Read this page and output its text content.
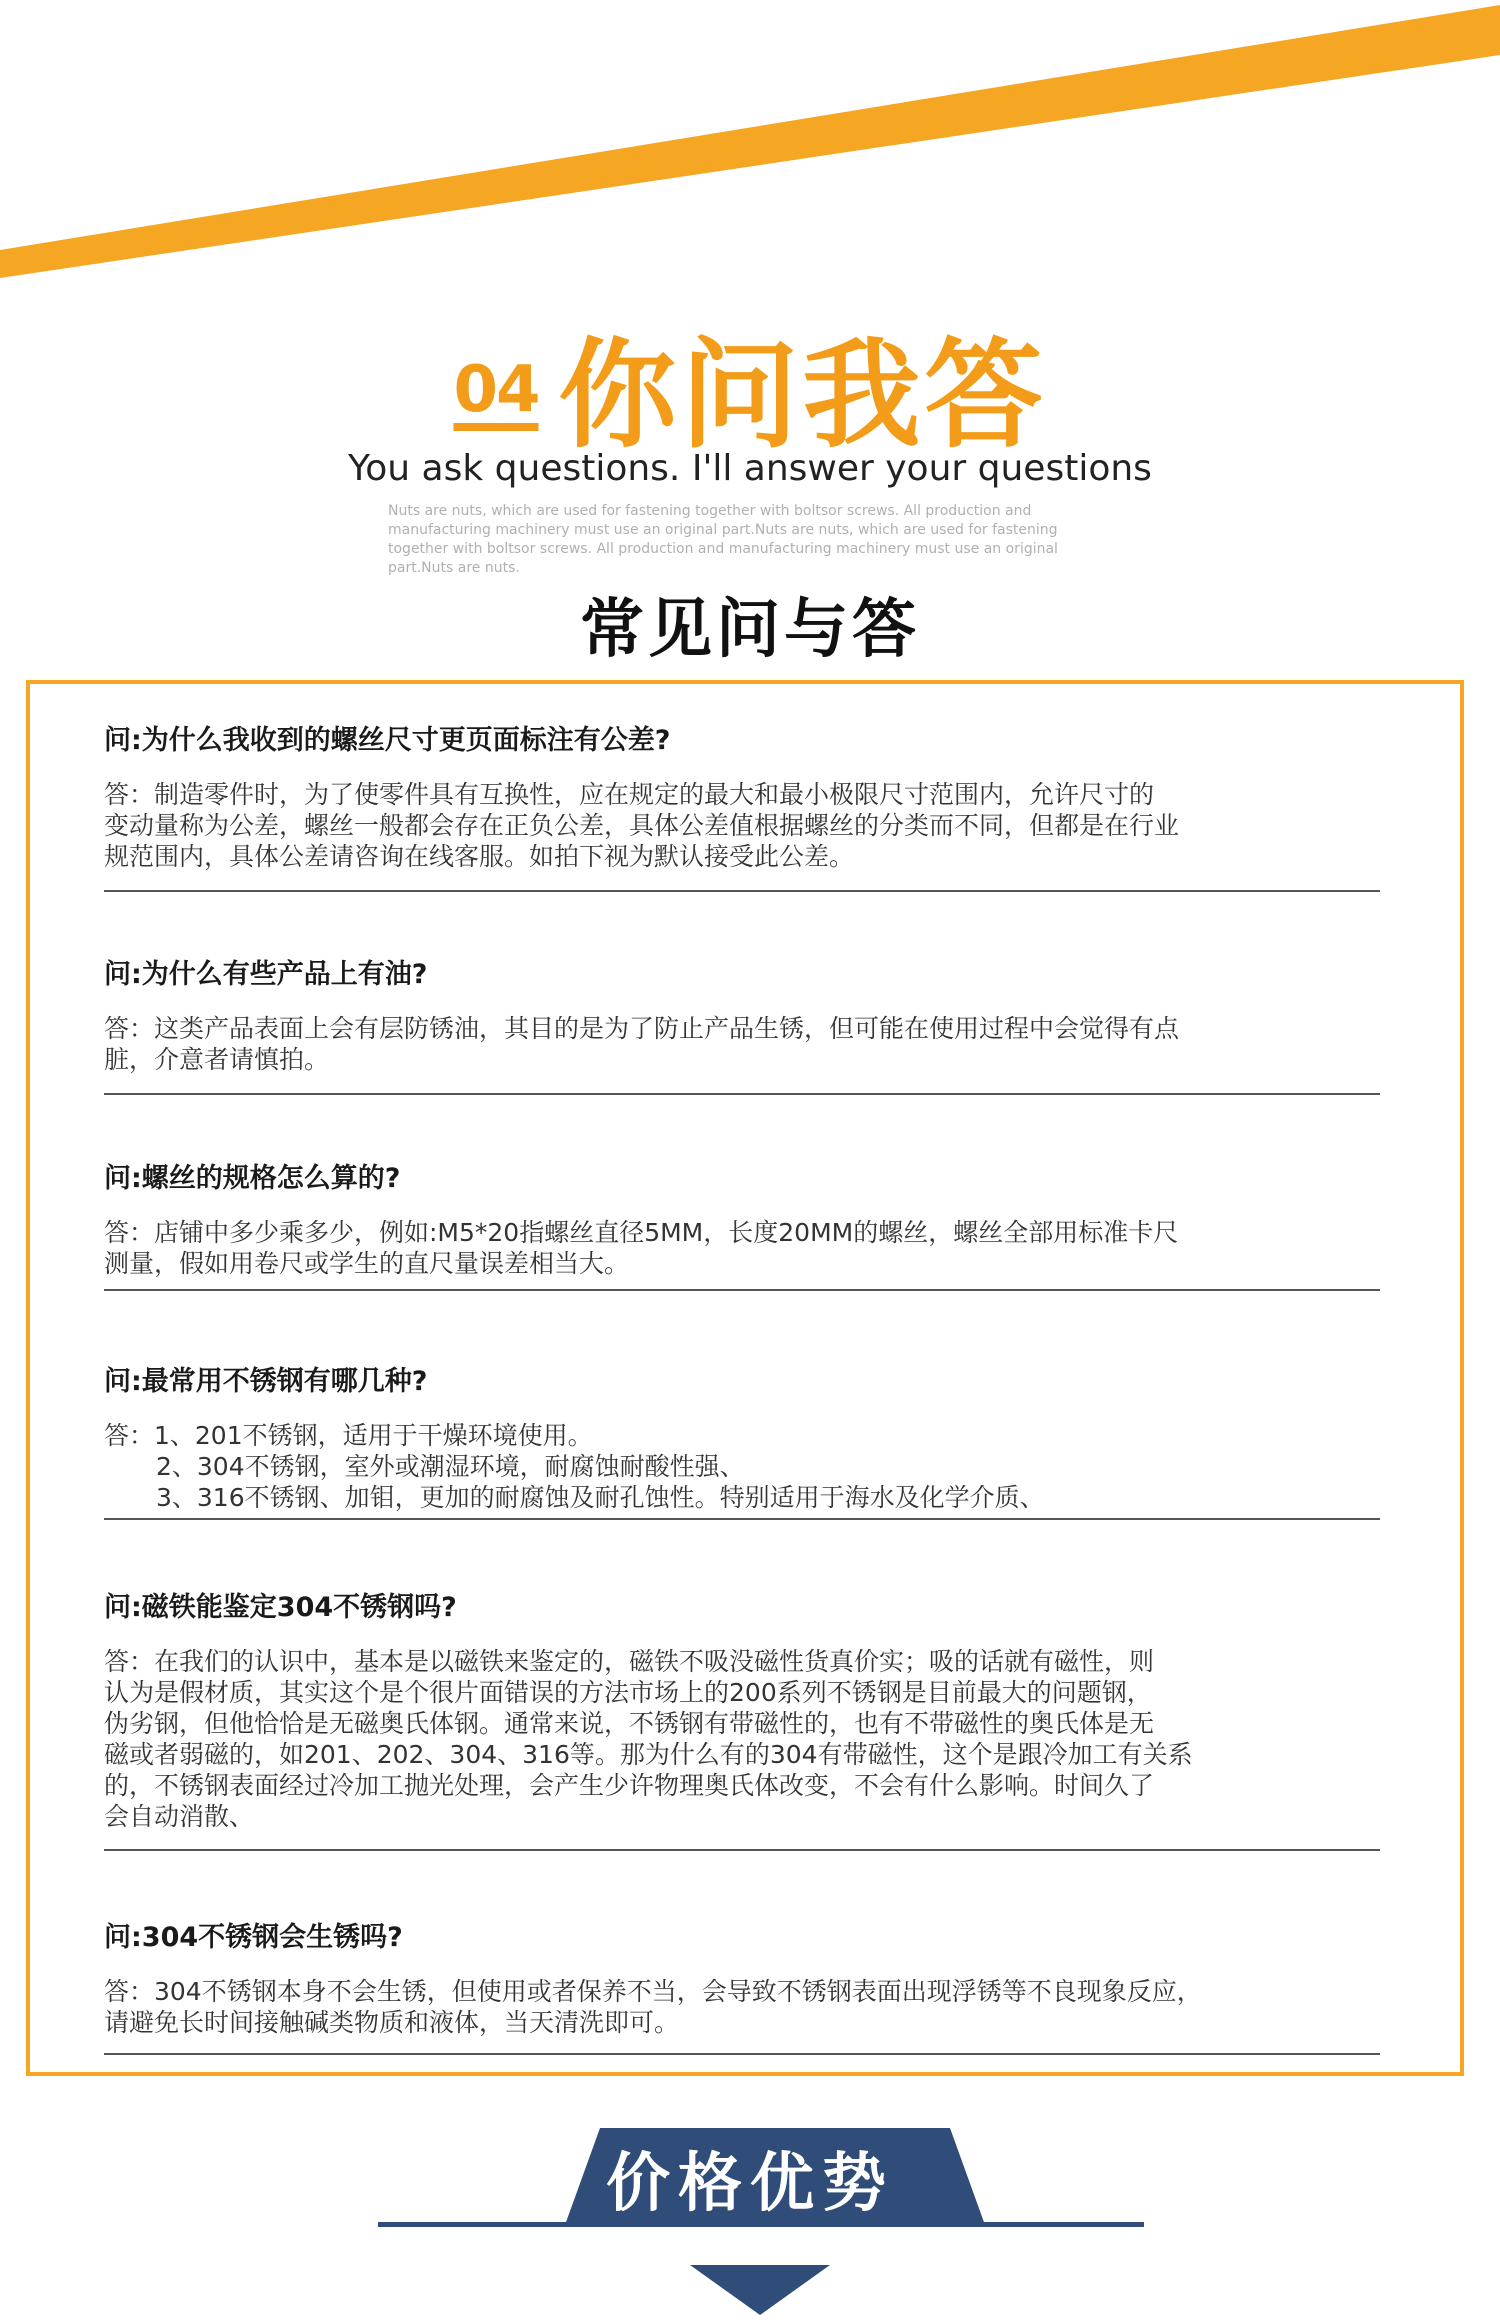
04 你问我答
You ask questions. I'll answer your questions
Nuts are nuts, which are used for fastening together with boltsor screws. All production and manufacturing machinery must use an original part.Nuts are nuts, which are used for fastening together with boltsor screws. All production and manufacturing machinery must use an original part.Nuts are nuts.
常见问与答

问:为什么我收到的螺丝尺寸更页面标注有公差?

答：制造零件时，为了使零件具有互换性，应在规定的最大和最小极限尺寸范围内，允许尺寸的
变动量称为公差，螺丝一般都会存在正负公差，具体公差值根据螺丝的分类而不同，但都是在行业
规范围内，具体公差请咨询在线客服。如拍下视为默认接受此公差。

问:为什么有些产品上有油?

答：这类产品表面上会有层防锈油，其目的是为了防止产品生锈，但可能在使用过程中会觉得有点
脏，介意者请慎拍。

问:螺丝的规格怎么算的?

答：店铺中多少乘多少，例如:M5*20指螺丝直径5MM，长度20MM的螺丝，螺丝全部用标准卡尺
测量，假如用卷尺或学生的直尺量误差相当大。

问:最常用不锈钢有哪几种?

答：1、201不锈钢，适用于干燥环境使用。
2、304不锈钢，室外或潮湿环境，耐腐蚀耐酸性强、
3、316不锈钢、加钼，更加的耐腐蚀及耐孔蚀性。特别适用于海水及化学介质、

问:磁铁能鉴定304不锈钢吗?

答：在我们的认识中，基本是以磁铁来鉴定的，磁铁不吸没磁性货真价实；吸的话就有磁性，则
认为是假材质，其实这个是个很片面错误的方法市场上的200系列不锈钢是目前最大的问题钢，
伪劣钢，但他恰恰是无磁奥氏体钢。通常来说，不锈钢有带磁性的，也有不带磁性的奥氏体是无
磁或者弱磁的，如201、202、304、316等。那为什么有的304有带磁性，这个是跟冷加工有关系
的，不锈钢表面经过冷加工抛光处理，会产生少许物理奥氏体改变，不会有什么影响。时间久了
会自动消散、

问:304不锈钢会生锈吗?

答：304不锈钢本身不会生锈，但使用或者保养不当，会导致不锈钢表面出现浮锈等不良现象反应，
请避免长时间接触碱类物质和液体，当天清洗即可。

价格优势
